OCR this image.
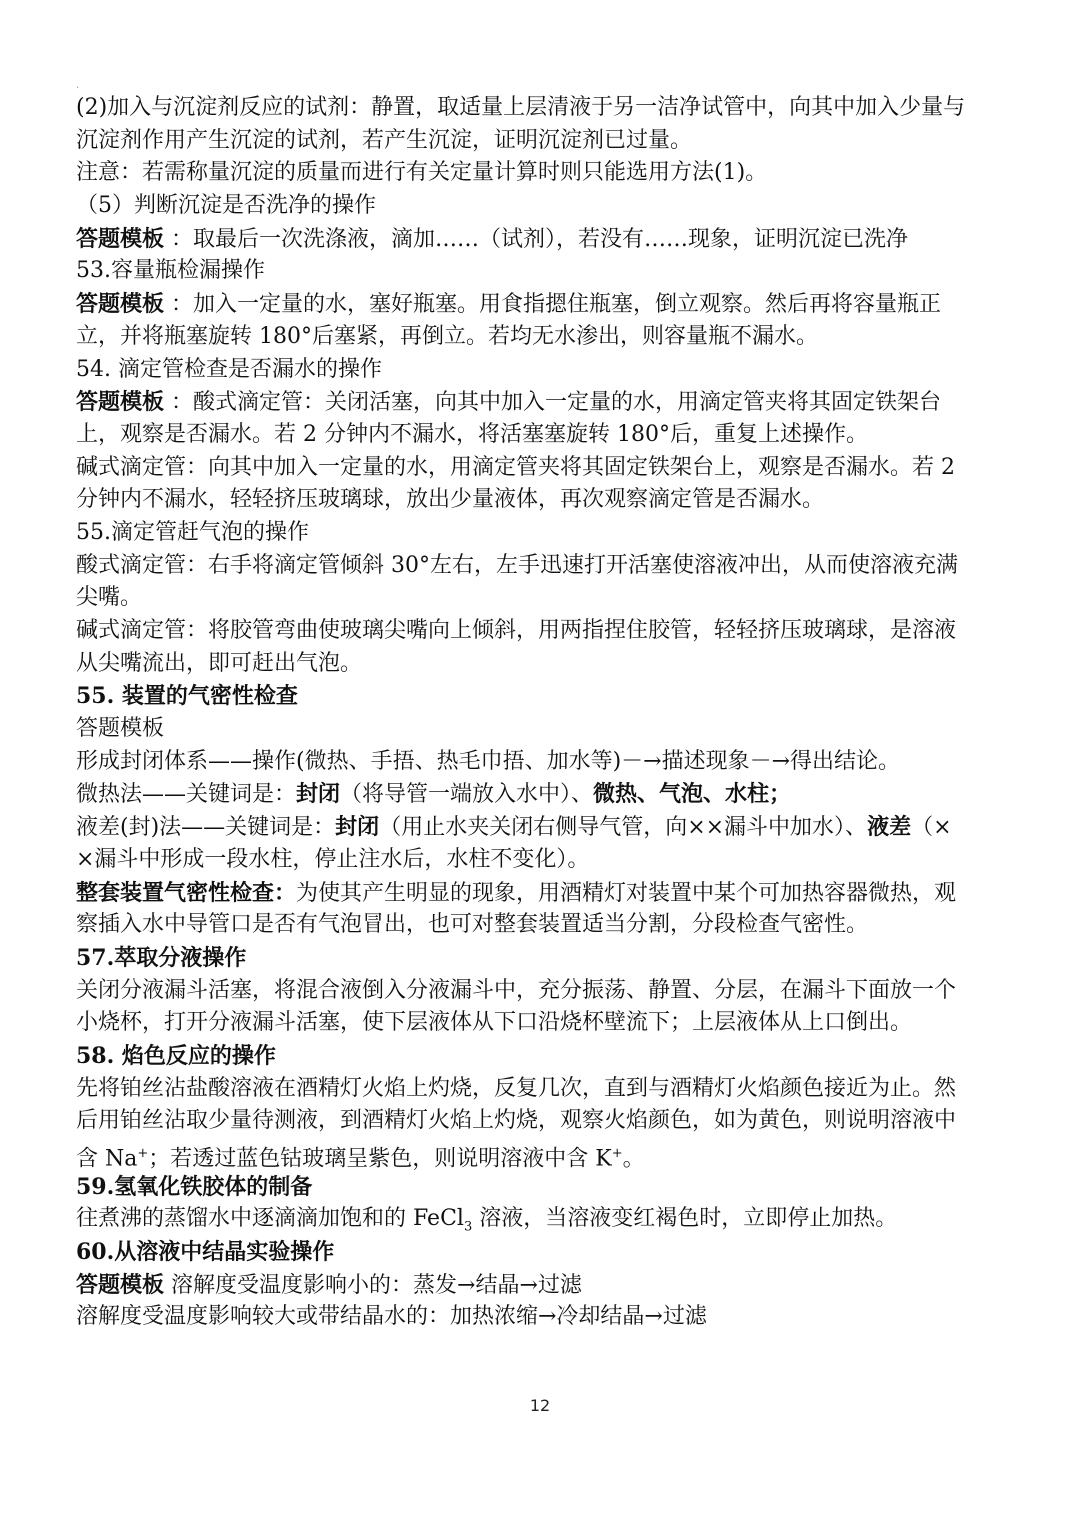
.
(2)加入与沉淀剂反应的试剂：静置，取适量上层清液于另一洁净试管中，向其中加入少量与
沉淀剂作用产生沉淀的试剂，若产生沉淀，证明沉淀剂已过量。
注意：若需称量沉淀的质量而进行有关定量计算时则只能选用方法(1)。
（5）判断沉淀是否洗净的操作
答题模板 ：取最后一次洗涤液，滴加……（试剂），若没有……现象，证明沉淀已洗净
53.容量瓶检漏操作
答题模板 ：加入一定量的水，塞好瓶塞。用食指摁住瓶塞，倒立观察。然后再将容量瓶正
立，并将瓶塞旋转 180°后塞紧，再倒立。若均无水渗出，则容量瓶不漏水。
54. 滴定管检查是否漏水的操作
答题模板 ：酸式滴定管：关闭活塞，向其中加入一定量的水，用滴定管夹将其固定铁架台
上，观察是否漏水。若 2 分钟内不漏水，将活塞塞旋转 180°后，重复上述操作。
碱式滴定管：向其中加入一定量的水，用滴定管夹将其固定铁架台上，观察是否漏水。若 2
分钟内不漏水，轻轻挤压玻璃球，放出少量液体，再次观察滴定管是否漏水。
55.滴定管赶气泡的操作
酸式滴定管：右手将滴定管倾斜 30°左右，左手迅速打开活塞使溶液冲出，从而使溶液充满
尖嘴。
碱式滴定管：将胶管弯曲使玻璃尖嘴向上倾斜，用两指捏住胶管，轻轻挤压玻璃球，是溶液
从尖嘴流出，即可赶出气泡。
55. 装置的气密性检查
答题模板
形成封闭体系——操作(微热、手捂、热毛巾捂、加水等)－→描述现象－→得出结论。
微热法——关键词是：封闭（将导管一端放入水中）、微热、气泡、水柱；
液差(封)法——关键词是：封闭（用止水夹关闭右侧导气管，向××漏斗中加水）、液差（×
×漏斗中形成一段水柱，停止注水后，水柱不变化）。
整套装置气密性检查：为使其产生明显的现象，用酒精灯对装置中某个可加热容器微热，观
察插入水中导管口是否有气泡冒出，也可对整套装置适当分割，分段检查气密性。
57.萃取分液操作
关闭分液漏斗活塞，将混合液倒入分液漏斗中，充分振荡、静置、分层，在漏斗下面放一个
小烧杯，打开分液漏斗活塞，使下层液体从下口沿烧杯壁流下；上层液体从上口倒出。
58. 焰色反应的操作
先将铂丝沾盐酸溶液在酒精灯火焰上灼烧，反复几次，直到与酒精灯火焰颜色接近为止。然
后用铂丝沾取少量待测液，到酒精灯火焰上灼烧，观察火焰颜色，如为黄色，则说明溶液中
含 Na+；若透过蓝色钴玻璃呈紫色，则说明溶液中含 K+。
59.氢氧化铁胶体的制备
往煮沸的蒸馏水中逐滴滴加饱和的 FeCl$_3$ 溶液，当溶液变红褐色时，立即停止加热。
60.从溶液中结晶实验操作
答题模板 溶解度受温度影响小的：蒸发→结晶→过滤
溶解度受温度影响较大或带结晶水的：加热浓缩→冷却结晶→过滤
12
